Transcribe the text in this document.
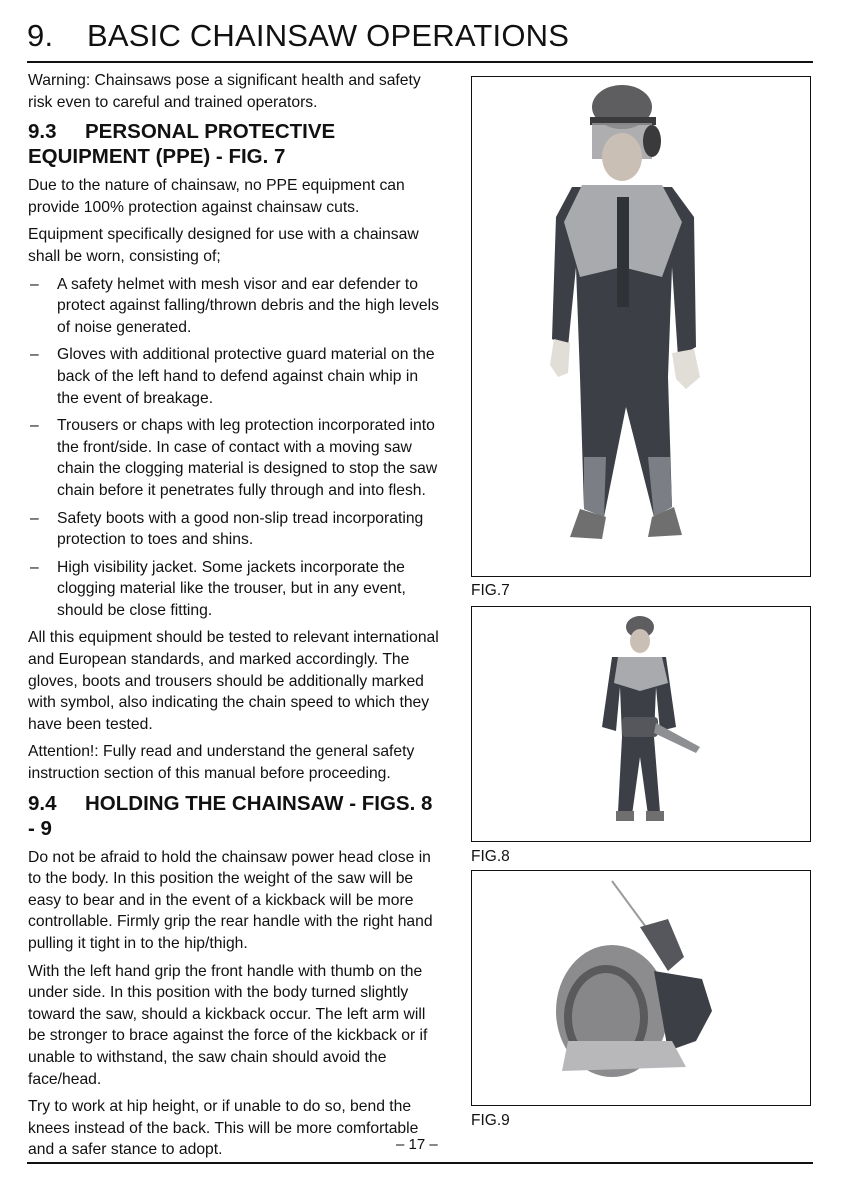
9. BASIC CHAINSAW OPERATIONS

Warning: Chainsaws pose a significant health and safety risk even to careful and trained operators.

9.3 PERSONAL PROTECTIVE EQUIPMENT (PPE) - FIG. 7

Due to the nature of chainsaw, no PPE equipment can provide 100% protection against chainsaw cuts.

Equipment specifically designed for use with a chainsaw shall be worn, consisting of;

– A safety helmet with mesh visor and ear defender to protect against falling/thrown debris and the high levels of noise generated.
– Gloves with additional protective guard material on the back of the left hand to defend against chain whip in the event of breakage.
– Trousers or chaps with leg protection incorporated into the front/side. In case of contact with a moving saw chain the clogging material is designed to stop the saw chain before it penetrates fully through and into flesh.
– Safety boots with a good non-slip tread incorporating protection to toes and shins.
– High visibility jacket. Some jackets incorporate the clogging material like the trouser, but in any event, should be close fitting.

All this equipment should be tested to relevant international and European standards, and marked accordingly. The gloves, boots and trousers should be additionally marked with symbol, also indicating the chain speed to which they have been tested.

Attention!: Fully read and understand the general safety instruction section of this manual before proceeding.

9.4 HOLDING THE CHAINSAW - FIGS. 8 - 9

Do not be afraid to hold the chainsaw power head close in to the body. In this position the weight of the saw will be easy to bear and in the event of a kickback will be more controllable. Firmly grip the rear handle with the right hand pulling it tight in to the hip/thigh.

With the left hand grip the front handle with thumb on the under side. In this position with the body turned slightly toward the saw, should a kickback occur. The left arm will be stronger to brace against the force of the kickback or if unable to withstand, the saw chain should avoid the face/head.

Try to work at hip height, or if unable to do so, bend the knees instead of the back. This will be more comfortable and a safer stance to adopt.

FIG.7
FIG.8
FIG.9
– 17 –
